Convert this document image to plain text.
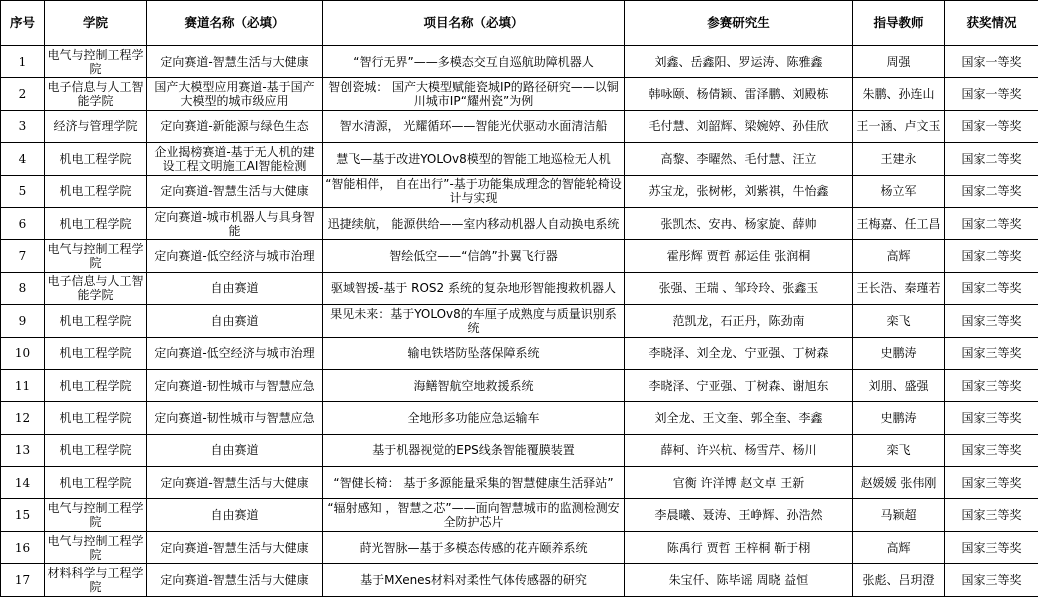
序号	学院	赛道名称（必填）	项目名称（必填）	参赛研究生	指导教师	获奖情况
1	电气与控制工程学院	定向赛道-智慧生活与大健康	“智行无界”——多模态交互自巡航助障机器人	刘鑫、岳鑫阳、罗运涛、陈雅鑫	周强	国家一等奖
2	电子信息与人工智能学院	国产大模型应用赛道-基于国产大模型的城市级应用	智创瓷城： 国产大模型赋能瓷城IP的路径研究——以铜川城市IP“耀州瓷”为例	韩咏颐、杨倩颖、雷泽鹏、刘殿栋	朱鹏、孙连山	国家一等奖
3	经济与管理学院	定向赛道-新能源与绿色生态	智水清源， 光耀循环——智能光伏驱动水面清洁船	毛付慧、刘韶辉、梁婉婷、孙佳欣	王一涵、卢文玉	国家一等奖
4	机电工程学院	企业揭榜赛道-基于无人机的建设工程文明施工AI智能检测	慧飞—基于改进YOLOv8模型的智能工地巡检无人机	高黎、李曜然、毛付慧、汪立	王建永	国家二等奖
5	机电工程学院	定向赛道-智慧生活与大健康	“智能相伴， 自在出行”-基于功能集成理念的智能轮椅设计与实现	苏宝龙，张树彬，刘紫祺，牛怡鑫	杨立军	国家二等奖
6	机电工程学院	定向赛道-城市机器人与具身智能	迅捷续航， 能源供给——室内移动机器人自动换电系统	张凯杰、安冉、杨家旋、薛帅	王梅嘉、任工昌	国家二等奖
7	电气与控制工程学院	定向赛道-低空经济与城市治理	智绘低空——“信鸽”扑翼飞行器	霍彤辉 贾哲 郝运佳 张润桐	高辉	国家二等奖
8	电子信息与人工智能学院	自由赛道	驱域智援-基于 ROS2 系统的复杂地形智能搜救机器人	张强、王瑞 、邹玲玲、张鑫玉	王长浩、秦瑾若	国家二等奖
9	机电工程学院	自由赛道	果见未来：基于YOLOv8的车厘子成熟度与质量识别系统	范凯龙，石正丹，陈劲南	栾飞	国家三等奖
10	机电工程学院	定向赛道-低空经济与城市治理	输电铁塔防坠落保障系统	李晓泽、刘全龙、宁亚强、丁树森	史鹏涛	国家三等奖
11	机电工程学院	定向赛道-韧性城市与智慧应急	海鳝智航空地救援系统	李晓泽、宁亚强、丁树森、谢旭东	刘朋、盛强	国家三等奖
12	机电工程学院	定向赛道-韧性城市与智慧应急	全地形多功能应急运输车	刘全龙、王文奎、郭全奎、李鑫	史鹏涛	国家三等奖
13	机电工程学院	自由赛道	基于机器视觉的EPS线条智能覆膜装置	薛柯、许兴杭、杨雪芹、杨川	栾飞	国家三等奖
14	机电工程学院	定向赛道-智慧生活与大健康	“智健长椅： 基于多源能量采集的智慧健康生活驿站”	官衡 许洋博 赵文卓 王新	赵媛媛 张伟刚	国家三等奖
15	电气与控制工程学院	自由赛道	“辐射感知 ，智慧之芯”——面向智慧城市的监测检测安全防护芯片	李晨曦、聂涛、王峥辉、孙浩然	马颖超	国家三等奖
16	电气与控制工程学院	定向赛道-智慧生活与大健康	莳光智脉—基于多模态传感的花卉颐养系统	陈禹行 贾哲 王梓桐 靳于栩	高辉	国家三等奖
17	材料科学与工程学院	定向赛道-智慧生活与大健康	基于MXenes材料对柔性气体传感器的研究	朱宝仟、陈毕谣 周晓 益恒	张彪、吕玥澄	国家三等奖
